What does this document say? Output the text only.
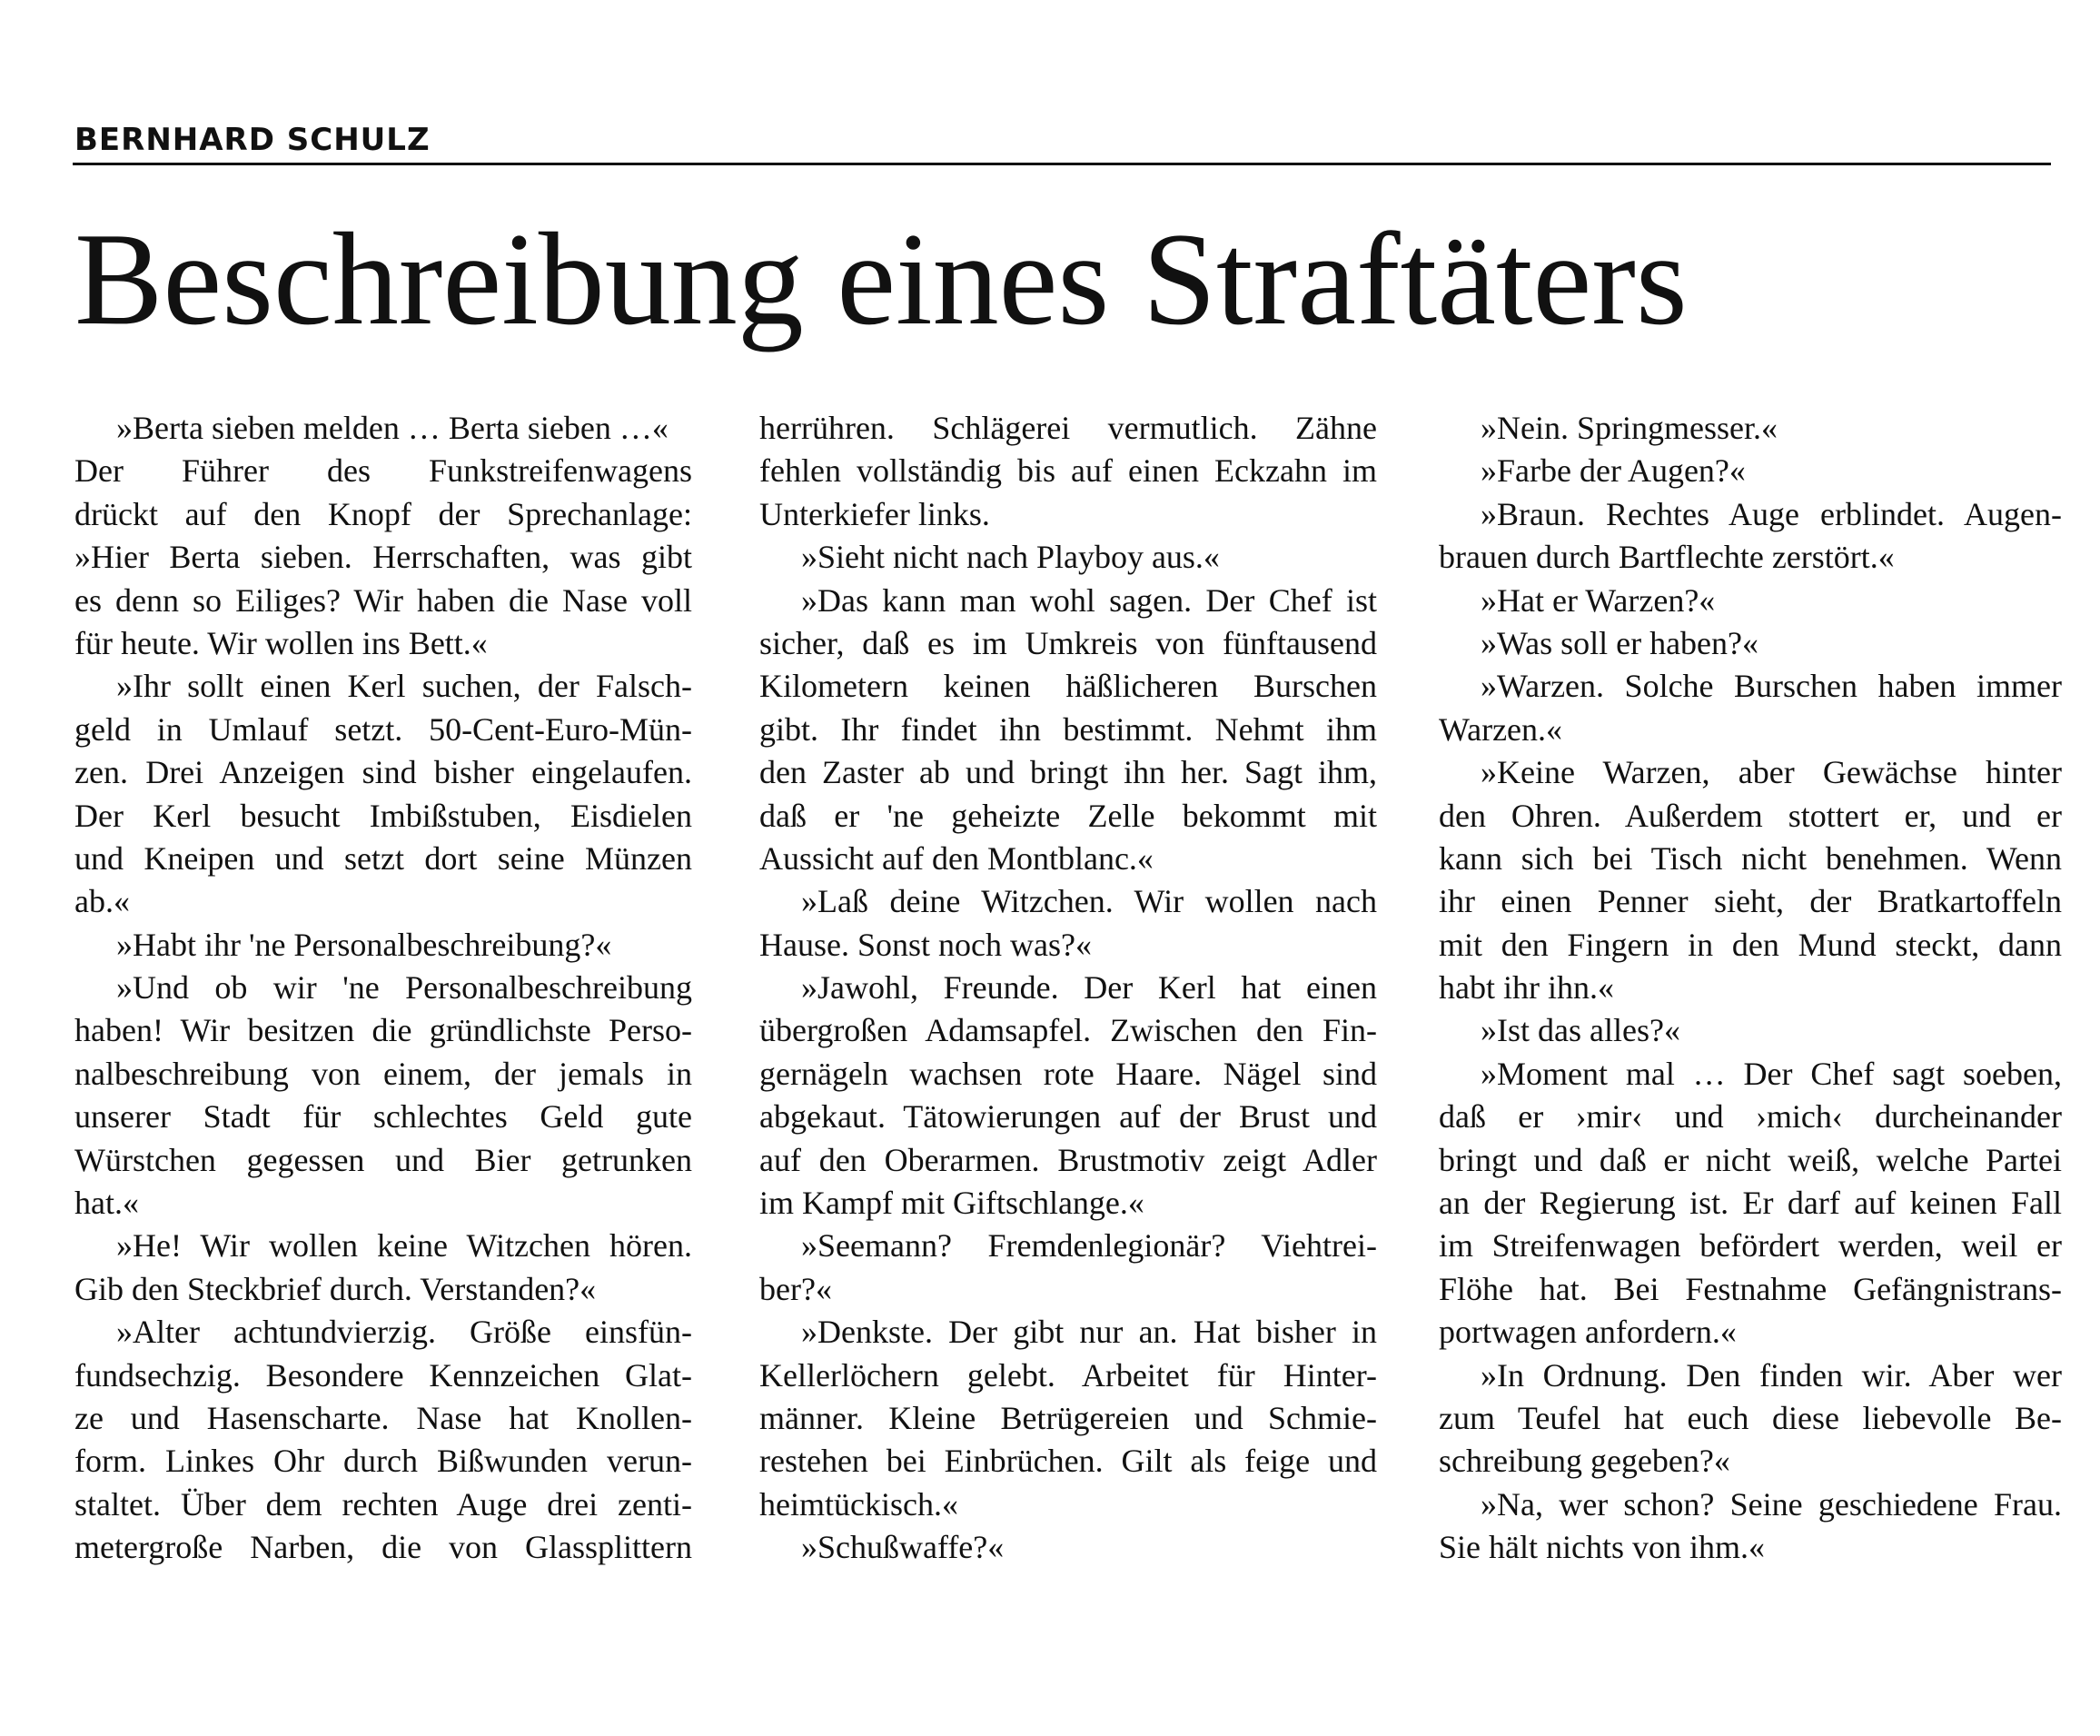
BERNHARD SCHULZ
Beschreibung eines Straftäters
»Berta sieben melden … Berta sieben …«
Der Führer des Funkstreifenwagens
drückt auf den Knopf der Sprechanlage:
»Hier Berta sieben. Herrschaften, was gibt
es denn so Eiliges? Wir haben die Nase voll
für heute. Wir wollen ins Bett.«
»Ihr sollt einen Kerl suchen, der Falsch-
geld in Umlauf setzt. 50-Cent-Euro-Mün-
zen. Drei Anzeigen sind bisher eingelaufen.
Der Kerl besucht Imbißstuben, Eisdielen
und Kneipen und setzt dort seine Münzen
ab.«
»Habt ihr 'ne Personalbeschreibung?«
»Und ob wir 'ne Personalbeschreibung
haben! Wir besitzen die gründlichste Perso-
nalbeschreibung von einem, der jemals in
unserer Stadt für schlechtes Geld gute
Würstchen gegessen und Bier getrunken
hat.«
»He! Wir wollen keine Witzchen hören.
Gib den Steckbrief durch. Verstanden?«
»Alter achtundvierzig. Größe einsfün-
fundsechzig. Besondere Kennzeichen Glat-
ze und Hasenscharte. Nase hat Knollen-
form. Linkes Ohr durch Bißwunden verun-
staltet. Über dem rechten Auge drei zenti-
metergroße Narben, die von Glassplittern
herrühren. Schlägerei vermutlich. Zähne
fehlen vollständig bis auf einen Eckzahn im
Unterkiefer links.
»Sieht nicht nach Playboy aus.«
»Das kann man wohl sagen. Der Chef ist
sicher, daß es im Umkreis von fünftausend
Kilometern keinen häßlicheren Burschen
gibt. Ihr findet ihn bestimmt. Nehmt ihm
den Zaster ab und bringt ihn her. Sagt ihm,
daß er 'ne geheizte Zelle bekommt mit
Aussicht auf den Montblanc.«
»Laß deine Witzchen. Wir wollen nach
Hause. Sonst noch was?«
»Jawohl, Freunde. Der Kerl hat einen
übergroßen Adamsapfel. Zwischen den Fin-
gernägeln wachsen rote Haare. Nägel sind
abgekaut. Tätowierungen auf der Brust und
auf den Oberarmen. Brustmotiv zeigt Adler
im Kampf mit Giftschlange.«
»Seemann? Fremdenlegionär? Viehtrei-
ber?«
»Denkste. Der gibt nur an. Hat bisher in
Kellerlöchern gelebt. Arbeitet für Hinter-
männer. Kleine Betrügereien und Schmie-
restehen bei Einbrüchen. Gilt als feige und
heimtückisch.«
»Schußwaffe?«
»Nein. Springmesser.«
»Farbe der Augen?«
»Braun. Rechtes Auge erblindet. Augen-
brauen durch Bartflechte zerstört.«
»Hat er Warzen?«
»Was soll er haben?«
»Warzen. Solche Burschen haben immer
Warzen.«
»Keine Warzen, aber Gewächse hinter
den Ohren. Außerdem stottert er, und er
kann sich bei Tisch nicht benehmen. Wenn
ihr einen Penner sieht, der Bratkartoffeln
mit den Fingern in den Mund steckt, dann
habt ihr ihn.«
»Ist das alles?«
»Moment mal … Der Chef sagt soeben,
daß er ›mir‹ und ›mich‹ durcheinander
bringt und daß er nicht weiß, welche Partei
an der Regierung ist. Er darf auf keinen Fall
im Streifenwagen befördert werden, weil er
Flöhe hat. Bei Festnahme Gefängnistrans-
portwagen anfordern.«
»In Ordnung. Den finden wir. Aber wer
zum Teufel hat euch diese liebevolle Be-
schreibung gegeben?«
»Na, wer schon? Seine geschiedene Frau.
Sie hält nichts von ihm.«
